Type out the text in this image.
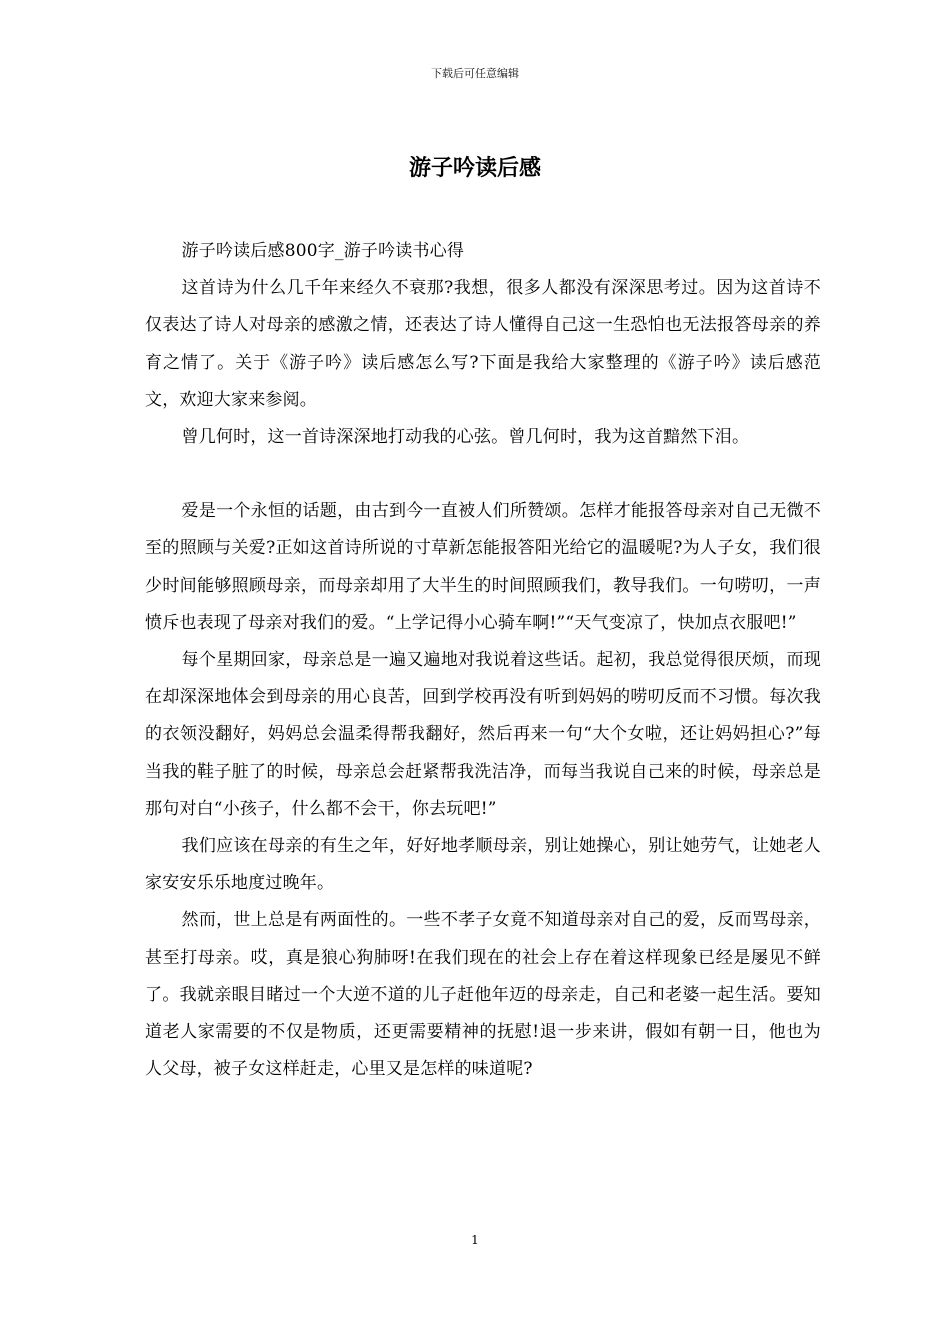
下载后可任意编辑
游子吟读后感

游子吟读后感800字_游子吟读书心得

这首诗为什么几千年来经久不衰那?我想，很多人都没有深深思考过。因为这首诗不仅表达了诗人对母亲的感激之情，还表达了诗人懂得自己这一生恐怕也无法报答母亲的养育之情了。关于《游子吟》读后感怎么写?下面是我给大家整理的《游子吟》读后感范文，欢迎大家来参阅。

曾几何时，这一首诗深深地打动我的心弦。曾几何时，我为这首黯然下泪。

爱是一个永恒的话题，由古到今一直被人们所赞颂。怎样才能报答母亲对自己无微不至的照顾与关爱?正如这首诗所说的寸草新怎能报答阳光给它的温暖呢?为人子女，我们很少时间能够照顾母亲，而母亲却用了大半生的时间照顾我们，教导我们。一句唠叨，一声愤斥也表现了母亲对我们的爱。“上学记得小心骑车啊!”“天气变凉了，快加点衣服吧!”

每个星期回家，母亲总是一遍又遍地对我说着这些话。起初，我总觉得很厌烦，而现在却深深地体会到母亲的用心良苦，回到学校再没有听到妈妈的唠叨反而不习惯。每次我的衣领没翻好，妈妈总会温柔得帮我翻好，然后再来一句“大个女啦，还让妈妈担心?”每当我的鞋子脏了的时候，母亲总会赶紧帮我洗洁净，而每当我说自己来的时候，母亲总是那句对白“小孩子，什么都不会干，你去玩吧!”

我们应该在母亲的有生之年，好好地孝顺母亲，别让她操心，别让她劳气，让她老人家安安乐乐地度过晚年。

然而，世上总是有两面性的。一些不孝子女竟不知道母亲对自己的爱，反而骂母亲，甚至打母亲。哎，真是狼心狗肺呀!在我们现在的社会上存在着这样现象已经是屡见不鲜了。我就亲眼目睹过一个大逆不道的儿子赶他年迈的母亲走，自己和老婆一起生活。要知道老人家需要的不仅是物质，还更需要精神的抚慰!退一步来讲，假如有朝一日，他也为人父母，被子女这样赶走，心里又是怎样的味道呢?

1
